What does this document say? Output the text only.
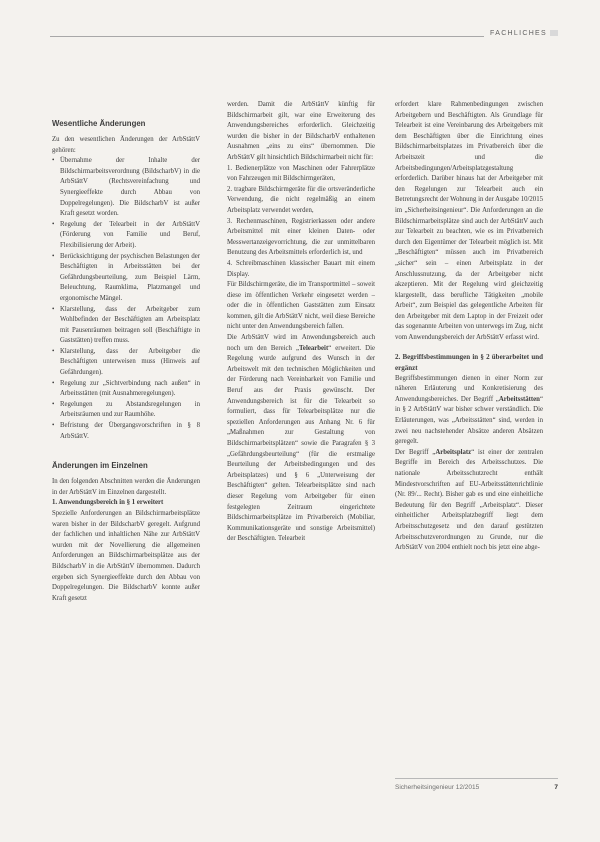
FACHLICHES
Wesentliche Änderungen

Zu den wesentlichen Änderungen der ArbStättV gehören:

• Übernahme der Inhalte der Bildschirmarbeitsverordnung (BildscharbV) in die ArbStättV (Rechtsvereinfachung und Synergieeffekte durch Abbau von Doppelregelungen). Die BildscharbV ist außer Kraft gesetzt worden.
• Regelung der Telearbeit in der ArbStättV (Förderung von Familie und Beruf, Flexibilisierung der Arbeit).
• Berücksichtigung der psychischen Belastungen der Beschäftigten in Arbeitsstätten bei der Gefährdungsbeurteilung, zum Beispiel Lärm, Beleuchtung, Raumklima, Platzmangel und ergonomische Mängel.
• Klarstellung, dass der Arbeitgeber zum Wohlbefinden der Beschäftigten am Arbeitsplatz mit Pausenräumen beitragen soll (Beschäftigte in Gaststätten) treffen muss.
• Klarstellung, dass der Arbeitgeber die Beschäftigten unterweisen muss (Hinweis auf Gefährdungen).
• Regelung zur „Sichtverbindung nach außen“ in Arbeitsstätten (mit Ausnahmeregelungen).
• Regelungen zu Abstandsregelungen in Arbeitsräumen und zur Raumhöhe.
• Befristung der Übergangsvorschriften in § 8 ArbStättV.
Änderungen im Einzelnen

In den folgenden Abschnitten werden die Änderungen in der ArbStättV im Einzelnen dargestellt.

1. Anwendungsbereich in § 1 erweitert

Spezielle Anforderungen an Bildschirmarbeitsplätze waren bisher in der BildscharbV geregelt. Aufgrund der fachlichen und inhaltlichen Nähe zur ArbStättV wurden mit der Novellierung die allgemeinen Anforderungen an Bildschirmarbeitsplätze aus der BildscharbV in die ArbStättV übernommen. Dadurch ergeben sich Synergieeffekte durch den Abbau von Doppelregelungen. Die BildscharbV konnte außer Kraft gesetzt

werden. Damit die ArbStättV künftig für Bildschirmarbeit gilt, war eine Erweiterung des Anwendungsbereiches erforderlich. Gleichzeitig wurden die bisher in der BildscharbV enthaltenen Ausnahmen „eins zu eins“ übernommen. Die ArbStättV gilt hinsichtlich Bildschirmarbeit nicht für:

1. Bedienerplätze von Maschinen oder Fahrerplätze von Fahrzeugen mit Bildschirmgeräten,

2. tragbare Bildschirmgeräte für die ortsveränderliche Verwendung, die nicht regelmäßig an einem Arbeitsplatz verwendet werden,

3. Rechenmaschinen, Registrierkassen oder andere Arbeitsmittel mit einer kleinen Daten- oder Messwertanzeigevorrichtung, die zur unmittelbaren Benutzung des Arbeitsmittels erforderlich ist, und

4. Schreibmaschinen klassischer Bauart mit einem Display.

Für Bildschirmgeräte, die im Transportmittel – soweit diese im öffentlichen Verkehr eingesetzt werden – oder die in öffentlichen Gaststätten zum Einsatz kommen, gilt die ArbStättV nicht, weil diese Bereiche nicht unter den Anwendungsbereich fallen.

Die ArbStättV wird im Anwendungsbereich auch noch um den Bereich „Telearbeit“ erweitert. Die Regelung wurde aufgrund des Wunsch in der Arbeitswelt mit den technischen Möglichkeiten und der Förderung nach Vereinbarkeit von Familie und Beruf aus der Praxis gewünscht. Der Anwendungsbereich ist für die Telearbeit so formuliert, dass für Telearbeitsplätze nur die speziellen Anforderungen aus Anhang Nr. 6 für „Maßnahmen zur Gestaltung von Bildschirmarbeitsplätzen“ sowie die Paragrafen § 3 „Gefährdungsbeurteilung“ (für die erstmalige Beurteilung der Arbeitsbedingungen und des Arbeitsplatzes) und § 6 „Unterweisung der Beschäftigten“ gelten. Telearbeitsplätze sind nach dieser Regelung vom Arbeitgeber für einen festgelegten Zeitraum eingerichtete Bildschirmarbeitsplätze im Privatbereich (Mobiliar, Kommunikationsgeräte und sonstige Arbeitsmittel) der Beschäftigten. Telearbeit

erfordert klare Rahmenbedingungen zwischen Arbeitgebern und Beschäftigten. Als Grundlage für Telearbeit ist eine Vereinbarung des Arbeitgebers mit dem Beschäftigten über die Einrichtung eines Bildschirmarbeitsplatzes im Privatbereich über die Arbeitszeit und die Arbeitsbedingungen/Arbeitsplatzgestaltung erforderlich. Darüber hinaus hat der Arbeitgeber mit den Regelungen zur Telearbeit auch ein Betretungsrecht der Wohnung in der Ausgabe 10/2015 im „Sicherheitsingenieur“. Die Anforderungen an die Bildschirmarbeitsplätze sind auch der ArbStättV auch zur Telearbeit zu beachten, wie es im Privatbereich durch den Eigentümer der Telearbeit möglich ist. Mit „Beschäftigten“ müssen auch im Privatbereich „sicher“ sein – einen Arbeitsplatz in der Anschlussnutzung, da der Arbeitgeber nicht akzeptieren. Mit der Regelung wird gleichzeitig klargestellt, dass berufliche Tätigkeiten „mobile Arbeit“, zum Beispiel das gelegentliche Arbeiten für den Arbeitgeber mit dem Laptop in der Freizeit oder das sogenannte Arbeiten von unterwegs im Zug, nicht vom Anwendungsbereich der ArbStättV erfasst wird.

2. Begriffsbestimmungen in § 2 überarbeitet und ergänzt

Begriffsbestimmungen dienen in einer Norm zur näheren Erläuterung und Konkretisierung des Anwendungsbereiches. Der Begriff „Arbeitsstätten“ in § 2 ArbStättV war bisher schwer verständlich. Die Erläuterungen, was „Arbeitsstätten“ sind, werden in zwei neu nachstehender Absätze anderen Absätzen geregelt.

Der Begriff „Arbeitsplatz“ ist einer der zentralen Begriffe im Bereich des Arbeitsschutzes. Die nationale Arbeitsschutzrecht enthält Mindestvorschriften auf EU-Arbeitsstättenrichtlinie (Nr. 89/... Recht). Bisher gab es und eine einheitliche Bedeutung für den Begriff „Arbeitsplatz“. Dieser einheitlicher Arbeitsplatzbegriff liegt dem Arbeitsschutzgesetz und den darauf gestützten Arbeitsschutzverordnungen zu Grunde, nur die ArbStättV von 2004 enthielt noch bis jetzt eine abge-

Sicherheitsingenieur 12/2015	7
